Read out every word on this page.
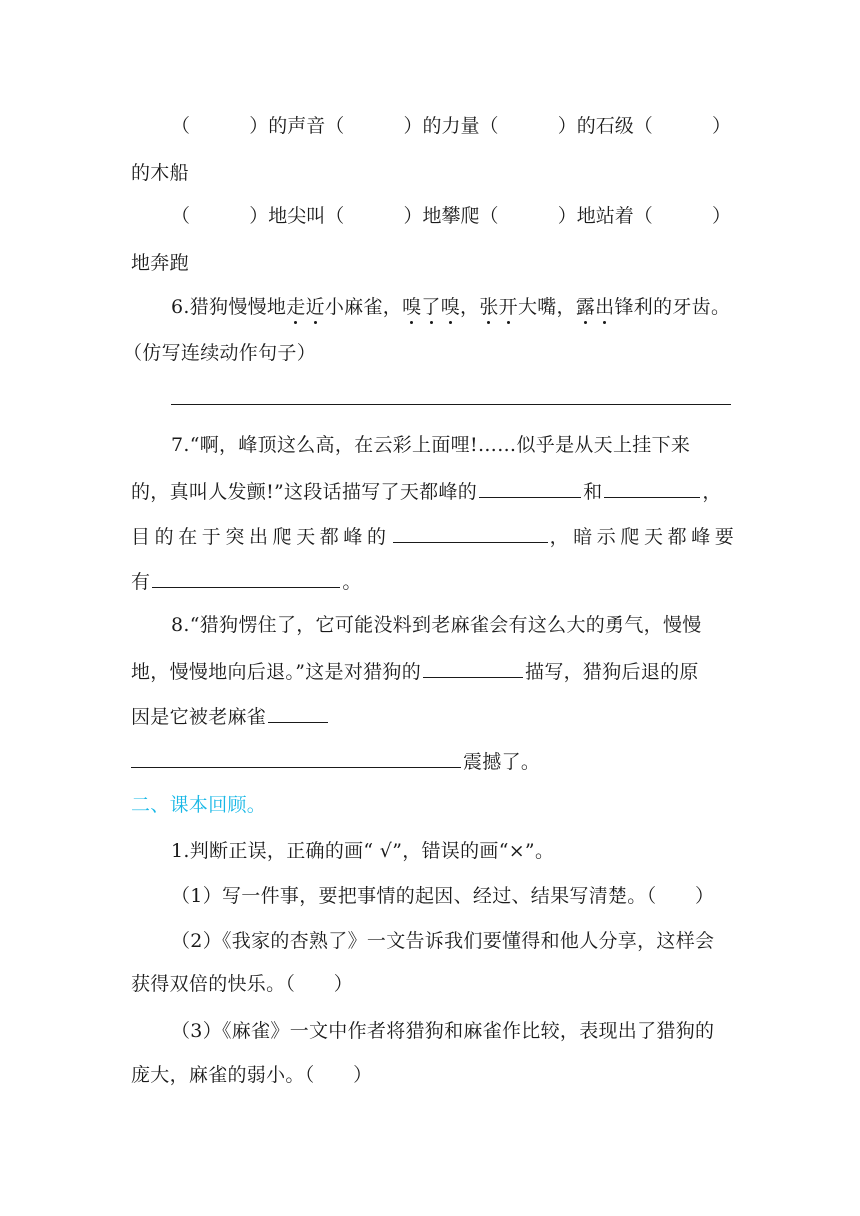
（	）的声音（	）的力量（	）的石级（	）
的木船
（	）地尖叫（	）地攀爬（	）地站着（	）
地奔跑
6.猎狗慢慢地走近小麻雀，嗅了嗅，张开大嘴，露出锋利的牙齿。
（仿写连续动作句子）
7.“啊，峰顶这么高，在云彩上面哩!……似乎是从天上挂下来
的，真叫人发颤!”这段话描写了天都峰的	和	，
目的在于突出爬天都峰的	，暗示爬天都峰要
有	。
8.“猎狗愣住了，它可能没料到老麻雀会有这么大的勇气，慢慢
地，慢慢地向后退。”这是对猎狗的	描写，猎狗后退的原
因是它被老麻雀
震撼了。
二、课本回顾。
1.判断正误，正确的画“ √”，错误的画“×”。
（1）写一件事，要把事情的起因、经过、结果写清楚。（　　）
（2）《我家的杏熟了》一文告诉我们要懂得和他人分享，这样会
获得双倍的快乐。（　　）
（3）《麻雀》一文中作者将猎狗和麻雀作比较，表现出了猎狗的
庞大，麻雀的弱小。（　　）
